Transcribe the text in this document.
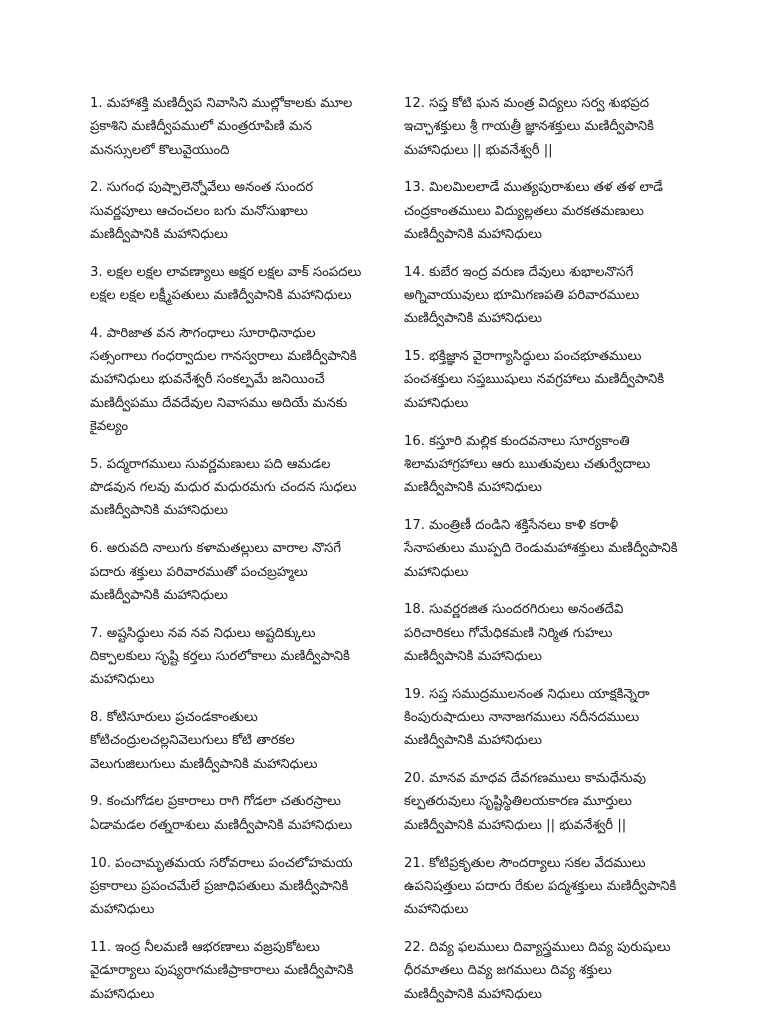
1. మహాశక్తి మణిద్వీప నివాసిని ముల్లోకాలకు మూల
ప్రకాశిని మణిద్వీపములో మంత్రరూపిణి మన
మనస్సులలో కొలువైయుంది
2. సుగంధ పుష్పాలెన్నోవేలు అనంత సుందర
సువర్ణపూలు ఆచంచలం బగు మనోసుఖాలు
మణిద్వీపానికి మహానిధులు
3. లక్షల లక్షల లావణ్యాలు అక్షర లక్షల వాక్ సంపదలు
లక్షల లక్షల లక్ష్మీపతులు మణిద్వీపానికి మహానిధులు
4. పారిజాత వన సౌగంధాలు సూరాధినాధుల
సత్సంగాలు గంధర్వాదుల గానస్వరాలు మణిద్వీపానికి
మహానిధులు భువనేశ్వరీ సంకల్పమే జనియించే
మణిద్వీపము దేవదేవుల నివాసము అదియే మనకు
కైవల్యం
5. పద్మరాగములు సువర్ణమణులు పది ఆమడల
పొడవున గలవు మధుర మధురమగు చందన సుధలు
మణిద్వీపానికి మహానిధులు
6. అరువది నాలుగు కళామతల్లులు వారాల నొసగే
పదారు శక్తులు పరివారముతో పంచబ్రహ్మలు
మణిద్వీపానికి మహానిధులు
7. అష్టసిద్ధులు నవ నవ నిధులు అష్టదిక్కులు
దిక్పాలకులు సృష్టి కర్తలు సురలోకాలు మణిద్వీపానికి
మహానిధులు
8. కోటిసూరులు ప్రచండకాంతులు
కోటిచంద్రులచల్లనివెలుగులు కోటి తారకల
వెలుగుజిలుగులు మణిద్వీపానికి మహానిధులు
9. కంచుగోడల ప్రకారాలు రాగి గోడలా చతురస్రాలు
ఏడామడల రత్నరాశులు మణిద్వీపానికి మహానిధులు
10. పంచామృతమయ సరోవరాలు పంచలోహమయ
ప్రకారాలు ప్రపంచమేలే ప్రజాధిపతులు మణిద్వీపానికి
మహానిధులు
11. ఇంద్ర నీలమణి ఆభరణాలు వజ్రపుకోటలు
వైడూర్యాలు పుష్యరాగమణిప్రాకారాలు మణిద్వీపానికి
మహానిధులు
12. సప్త కోటి ఘన మంత్ర విద్యలు సర్వ శుభప్రద
ఇచ్ఛాశక్తులు శ్రీ గాయత్రీ జ్ఞానశక్తులు మణిద్వీపానికి
మహానిధులు || భువనేశ్వరీ ||
13. మిలమిలలాడే ముత్యపురాశులు తళ తళ లాడే
చంద్రకాంతములు విద్యుల్లతలు మరకతమణులు
మణిద్వీపానికి మహానిధులు
14. కుబేర ఇంద్ర వరుణ దేవులు శుభాలనొసగే
అగ్నివాయువులు భూమిగణపతి పరివారములు
మణిద్వీపానికి మహానిధులు
15. భక్తిజ్ఞాన వైరాగ్యాసిద్ధులు పంచభూతములు
పంచశక్తులు సప్తఋషులు నవగ్రహాలు మణిద్వీపానికి
మహానిధులు
16. కస్తూరి మల్లిక కుందవనాలు సూర్యకాంతి
శిలామహాగ్రహాలు ఆరు ఋతువులు చతుర్వేదాలు
మణిద్వీపానికి మహానిధులు
17. మంత్రిణీ దండిని శక్తిసేనలు కాళి కరాళీ
సేనాపతులు ముప్పది రెండుమహాశక్తులు మణిద్వీపానికి
మహానిధులు
18. సువర్ణరజిత సుందరగిరులు అనంతదేవి
పరిచారికలు గోమేధికమణి నిర్మిత గుహలు
మణిద్వీపానికి మహానిధులు
19. సప్త సముద్రములనంత నిధులు యాక్షకిన్నెరా
కింపురుషాదులు నానాజగములు నదీనదములు
మణిద్వీపానికి మహానిధులు
20. మానవ మాధవ దేవగణములు కామధేనువు
కల్పతరువులు సృష్టిస్థితిలయకారణ మూర్తులు
మణిద్వీపానికి మహానిధులు || భువనేశ్వరీ ||
21. కోటిప్రకృతుల సౌందర్యాలు సకల వేదములు
ఉపనిషత్తులు పదారు రేకుల పద్మశక్తులు మణిద్వీపానికి
మహానిధులు
22. దివ్య ఫలములు దివ్యాస్త్రములు దివ్య పురుషులు
ధీరమాతలు దివ్య జగములు దివ్య శక్తులు
మణిద్వీపానికి మహానిధులు
